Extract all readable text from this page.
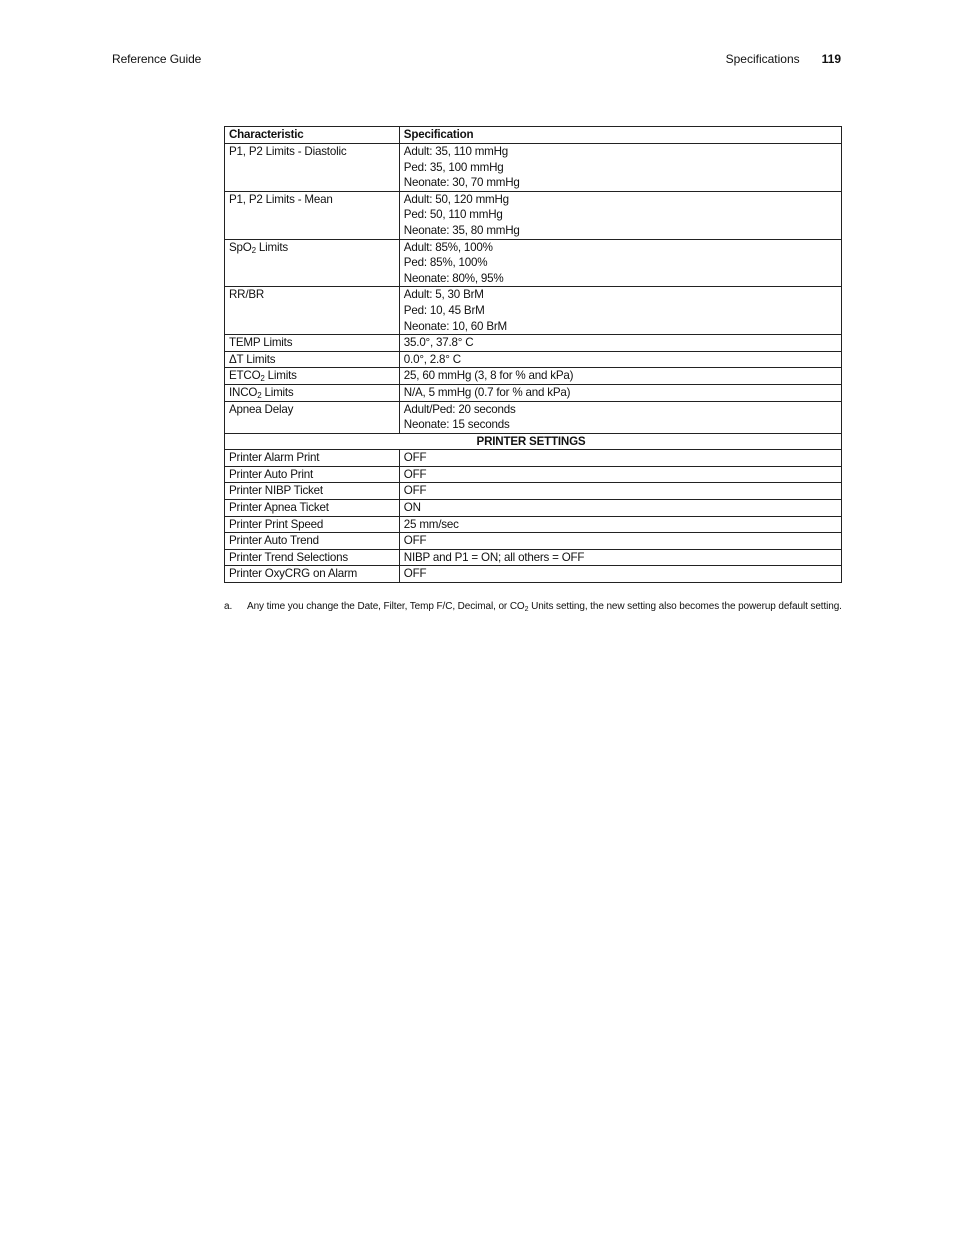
Reference Guide	Specifications 119
Characteristic	Specification
P1, P2 Limits - Diastolic	Adult: 35, 110 mmHg
Ped: 35, 100 mmHg
Neonate: 30, 70 mmHg

P1, P2 Limits - Mean	Adult: 50, 120 mmHg
Ped: 50, 110 mmHg
Neonate: 35, 80 mmHg

SpO$_2$ Limits	Adult: 85%, 100%
Ped: 85%, 100%
Neonate: 80%, 95%

RR/BR	Adult: 5, 30 BrM
Ped: 10, 45 BrM
Neonate: 10, 60 BrM

TEMP Limits	35.0°, 37.8° C

ΔT Limits	0.0°, 2.8° C

$ETCO_2$ Limits	25, 60 mmHg (3, 8 for % and kPa)

$INCO_2$ Limits	N/A, 5 mmHg (0.7 for % and kPa)

Apnea Delay	Adult/Ped: 20 seconds
Neonate: 15 seconds

PRINTER SETTINGS	
Printer Alarm Print	OFF
Printer Auto Print	OFF
Printer NIBP Ticket	OFF
Printer Apnea Ticket	ON
Printer Print Speed	25 mm/sec
Printer Auto Trend	OFF
Printer Trend Selections	NIBP and P1 = ON; all others = OFF
Printer OxyCRG on Alarm	OFF
a. Any time you change the Date, Filter, Temp F/C, Decimal, or $CO_2$ Units setting, the new setting also becomes the powerup default setting.
